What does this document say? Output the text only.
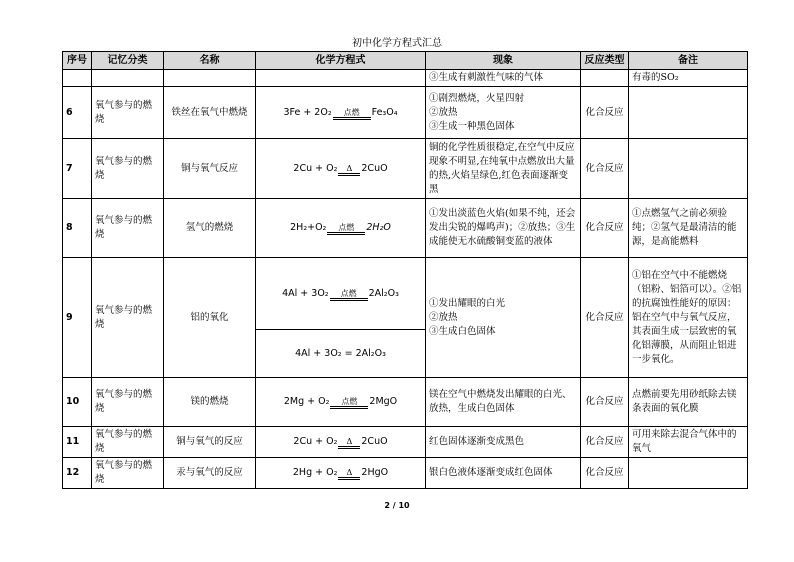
初中化学方程式汇总
序号	记忆分类	名称	化学方程式	现象	反应类型	备注
				③生成有刺激性气味的气体		有毒的SO₂
6	氧气参与的燃烧	铁丝在氧气中燃烧	3Fe + 2O₂ 点燃 Fe₃O₄	①剧烈燃烧，火星四射
②放热
③生成一种黑色固体	化合反应	
7	氧气参与的燃烧	铜与氧气反应	2Cu + O₂ Δ 2CuO	铜的化学性质很稳定,在空气中反应现象不明显,在纯氧中点燃放出大量的热,火焰呈绿色,红色表面逐渐变黑	化合反应	
8	氧气参与的燃烧	氢气的燃烧	2H₂+O₂ 点燃 2H₂O	①发出淡蓝色火焰(如果不纯，还会发出尖锐的爆鸣声)；②放热；③生成能使无水硫酸铜变蓝的液体	化合反应	①点燃氢气之前必须验纯；②氢气是最清洁的能源，是高能燃料
9	氧气参与的燃烧	铝的氧化	4Al + 3O₂ 点燃 2Al₂O₃	①发出耀眼的白光
②放热
③生成白色固体	化合反应	①铝在空气中不能燃烧（铝粉、铝箔可以）。②铝的抗腐蚀性能好的原因：铝在空气中与氧气反应，其表面生成一层致密的氧化铝薄膜，从而阻止铝进一步氧化。
			4Al + 3O₂ = 2Al₂O₃			
10	氧气参与的燃烧	镁的燃烧	2Mg + O₂ 点燃 2MgO	镁在空气中燃烧发出耀眼的白光、放热，生成白色固体	化合反应	点燃前要先用砂纸除去镁条表面的氧化膜
11	氧气参与的燃烧	铜与氧气的反应	2Cu + O₂ Δ 2CuO	红色固体逐渐变成黑色	化合反应	可用来除去混合气体中的氧气
12	氧气参与的燃烧	汞与氧气的反应	2Hg + O₂ Δ 2HgO	银白色液体逐渐变成红色固体	化合反应	
2 / 10
